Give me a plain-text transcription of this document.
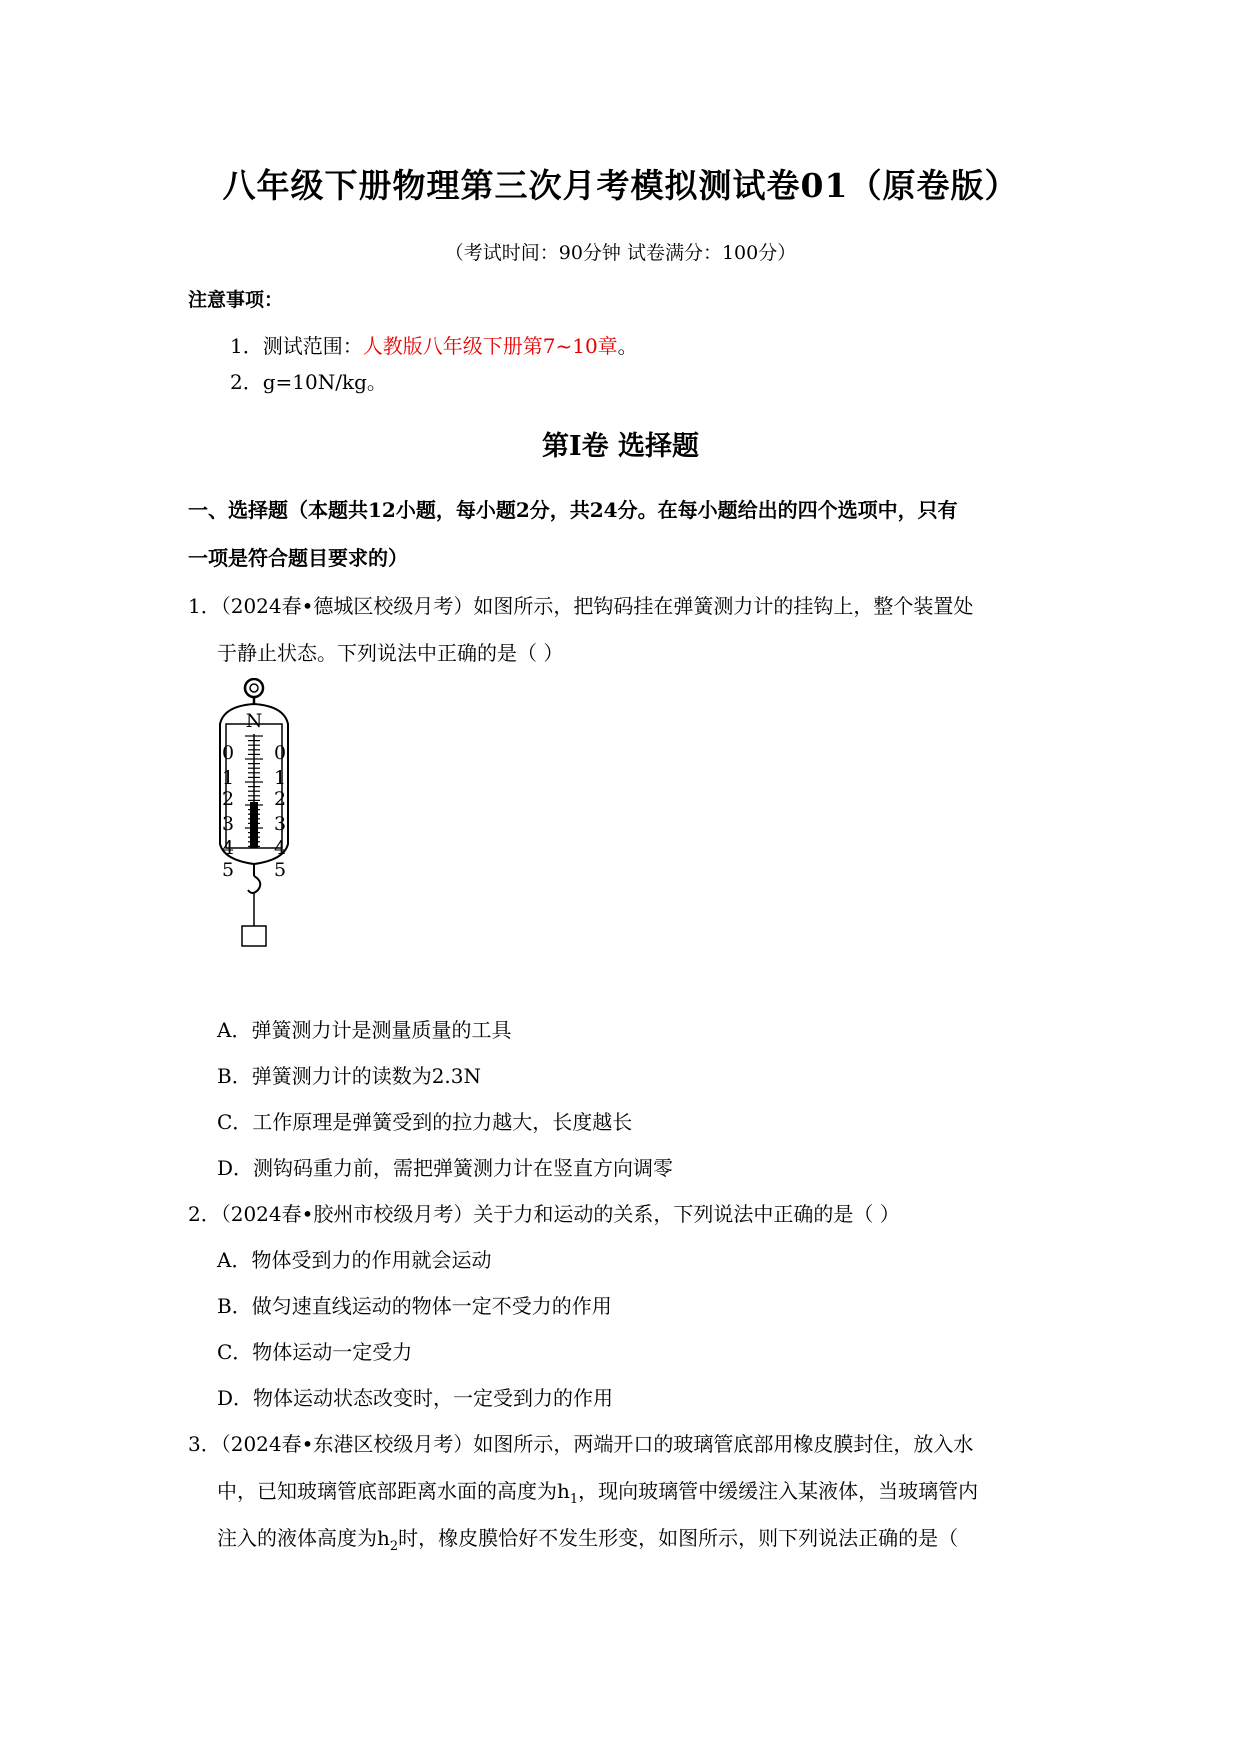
八年级下册物理第三次月考模拟测试卷01（原卷版）
（考试时间：90分钟 试卷满分：100分）
注意事项：
1．测试范围：人教版八年级下册第7~10章。
2．g=10N/kg。
第Ⅰ卷 选择题
一、选择题（本题共12小题，每小题2分，共24分。在每小题给出的四个选项中，只有
一项是符合题目要求的）
1．（2024春•德城区校级月考）如图所示，把钩码挂在弹簧测力计的挂钩上，整个装置处
于静止状态。下列说法中正确的是（ ）
N
0
1
2
3
4
5
0
1
2
3
4
5
A．弹簧测力计是测量质量的工具
B．弹簧测力计的读数为2.3N
C．工作原理是弹簧受到的拉力越大，长度越长
D．测钩码重力前，需把弹簧测力计在竖直方向调零
2．（2024春•胶州市校级月考）关于力和运动的关系，下列说法中正确的是（ ）
A．物体受到力的作用就会运动
B．做匀速直线运动的物体一定不受力的作用
C．物体运动一定受力
D．物体运动状态改变时，一定受到力的作用
3．（2024春•东港区校级月考）如图所示，两端开口的玻璃管底部用橡皮膜封住，放入水
中，已知玻璃管底部距离水面的高度为$h_1$，现向玻璃管中缓缓注入某液体，当玻璃管内
注入的液体高度为$h_2$时，橡皮膜恰好不发生形变，如图所示，则下列说法正确的是（
